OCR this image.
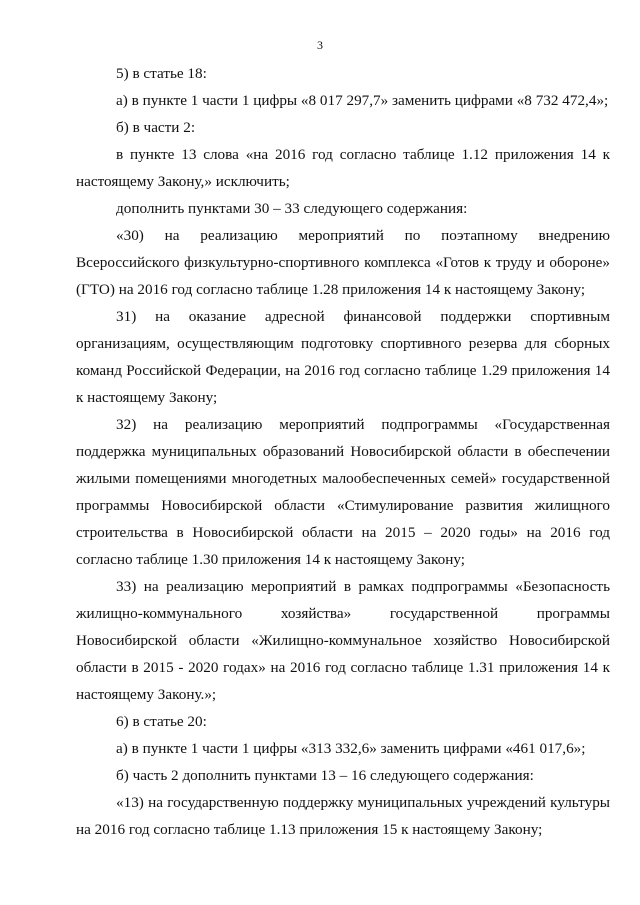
3

5) в статье 18:

а) в пункте 1 части 1 цифры «8 017 297,7» заменить цифрами «8 732 472,4»;

б) в части 2:

в пункте 13 слова «на 2016 год согласно таблице 1.12 приложения 14 к настоящему Закону,» исключить;

дополнить пунктами 30 – 33 следующего содержания:

«30) на реализацию мероприятий по поэтапному внедрению Всероссийского физкультурно-спортивного комплекса «Готов к труду и обороне» (ГТО) на 2016 год согласно таблице 1.28 приложения 14 к настоящему Закону;

31) на оказание адресной финансовой поддержки спортивным организациям, осуществляющим подготовку спортивного резерва для сборных команд Российской Федерации, на 2016 год согласно таблице 1.29 приложения 14 к настоящему Закону;

32) на реализацию мероприятий подпрограммы «Государственная поддержка муниципальных образований Новосибирской области в обеспечении жилыми помещениями многодетных малообеспеченных семей» государственной программы Новосибирской области «Стимулирование развития жилищного строительства в Новосибирской области на 2015 – 2020 годы» на 2016 год согласно таблице 1.30 приложения 14 к настоящему Закону;

33) на реализацию мероприятий в рамках подпрограммы «Безопасность жилищно-коммунального хозяйства» государственной программы Новосибирской области «Жилищно-коммунальное хозяйство Новосибирской области в 2015 - 2020 годах» на 2016 год согласно таблице 1.31 приложения 14 к настоящему Закону.»;

6) в статье 20:

а) в пункте 1 части 1 цифры «313 332,6» заменить цифрами «461 017,6»;

б) часть 2 дополнить пунктами 13 – 16 следующего содержания:

«13) на государственную поддержку муниципальных учреждений культуры на 2016 год согласно таблице 1.13 приложения 15 к настоящему Закону;
